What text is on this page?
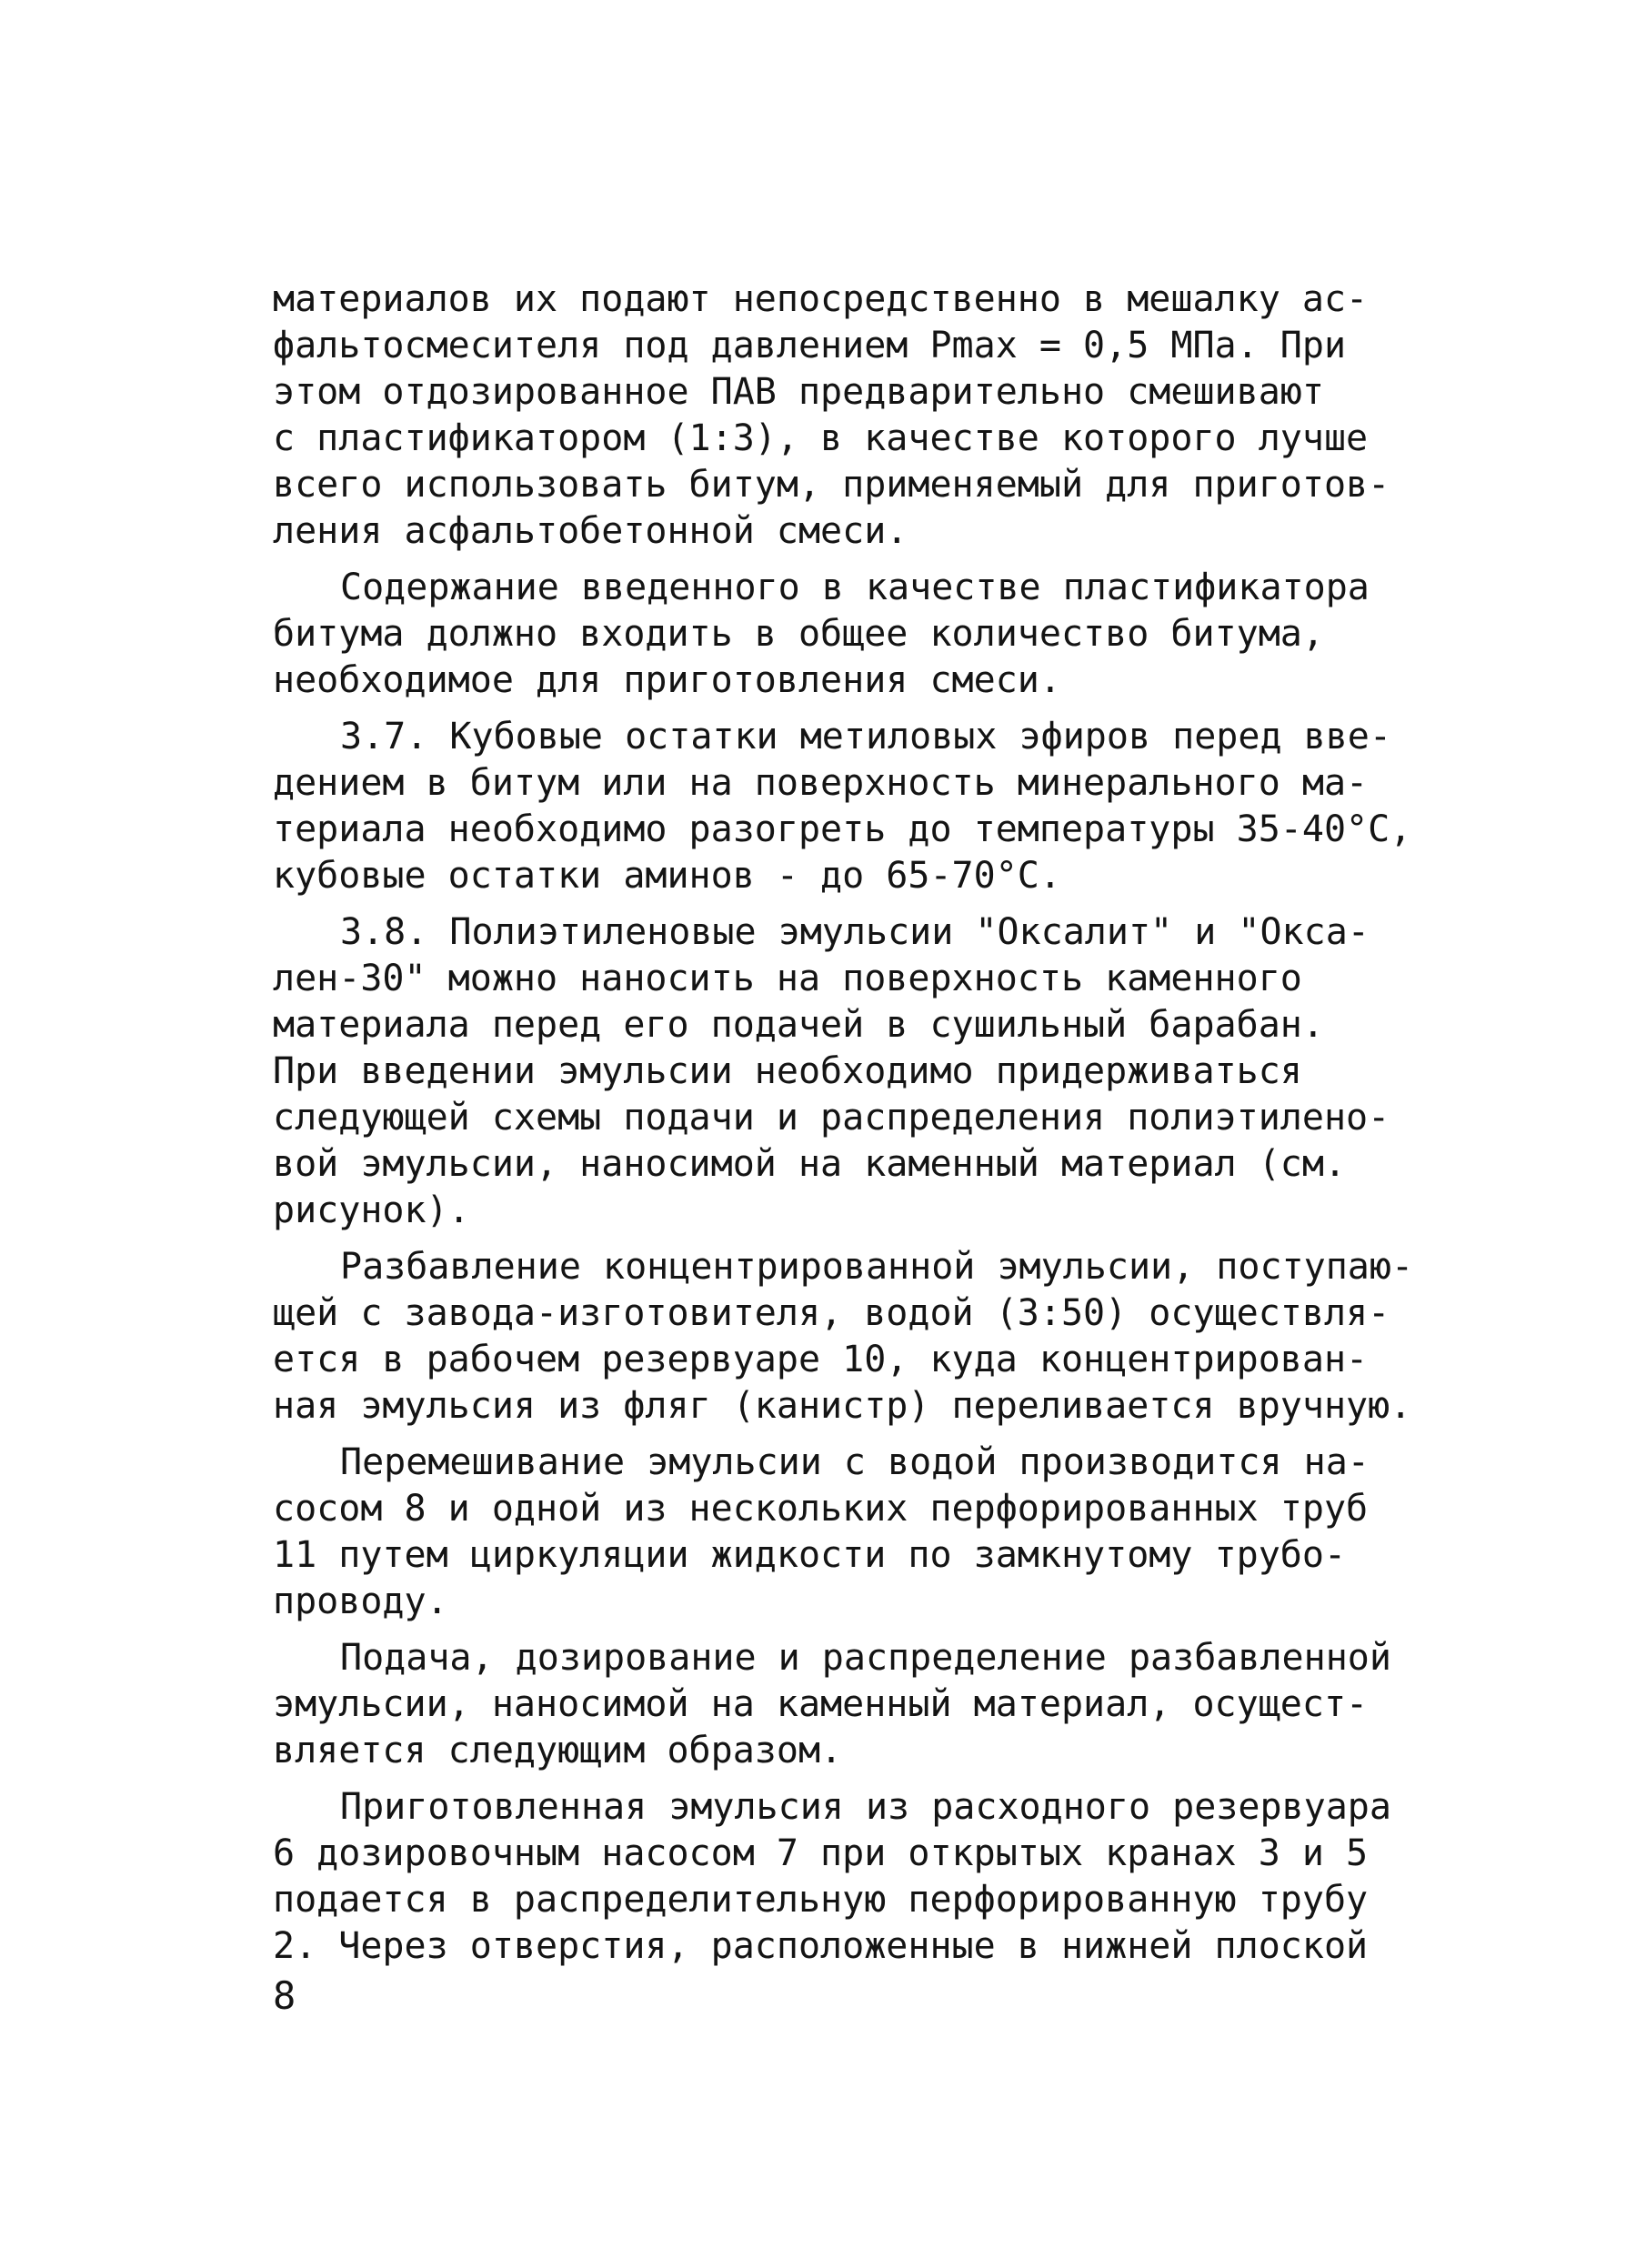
материалов их подают непосредственно в мешалку ас-
фальтосмесителя под давлением Pmax = 0,5 МПа. При
этом отдозированное ПАВ предварительно смешивают
с пластификатором (1:3), в качестве которого лучше
всего использовать битум, применяемый для приготов-
ления асфальтобетонной смеси.
Содержание введенного в качестве пластификатора
битума должно входить в общее количество битума,
необходимое для приготовления смеси.
3.7. Кубовые остатки метиловых эфиров перед вве-
дением в битум или на поверхность минерального ма-
териала необходимо разогреть до температуры 35-40°С,
кубовые остатки аминов - до 65-70°С.
3.8. Полиэтиленовые эмульсии "Оксалит" и "Окса-
лен-30" можно наносить на поверхность каменного
материала перед его подачей в сушильный барабан.
При введении эмульсии необходимо придерживаться
следующей схемы подачи и распределения полиэтилено-
вой эмульсии, наносимой на каменный материал (см.
рисунок).
Разбавление концентрированной эмульсии, поступаю-
щей с завода-изготовителя, водой (3:50) осуществля-
ется в рабочем резервуаре 10, куда концентрирован-
ная эмульсия из фляг (канистр) переливается вручную.
Перемешивание эмульсии с водой производится на-
сосом 8 и одной из нескольких перфорированных труб
11 путем циркуляции жидкости по замкнутому трубо-
проводу.
Подача, дозирование и распределение разбавленной
эмульсии, наносимой на каменный материал, осущест-
вляется следующим образом.
Приготовленная эмульсия из расходного резервуара
6 дозировочным насосом 7 при открытых кранах 3 и 5
подается в распределительную перфорированную трубу
2. Через отверстия, расположенные в нижней плоской
8
